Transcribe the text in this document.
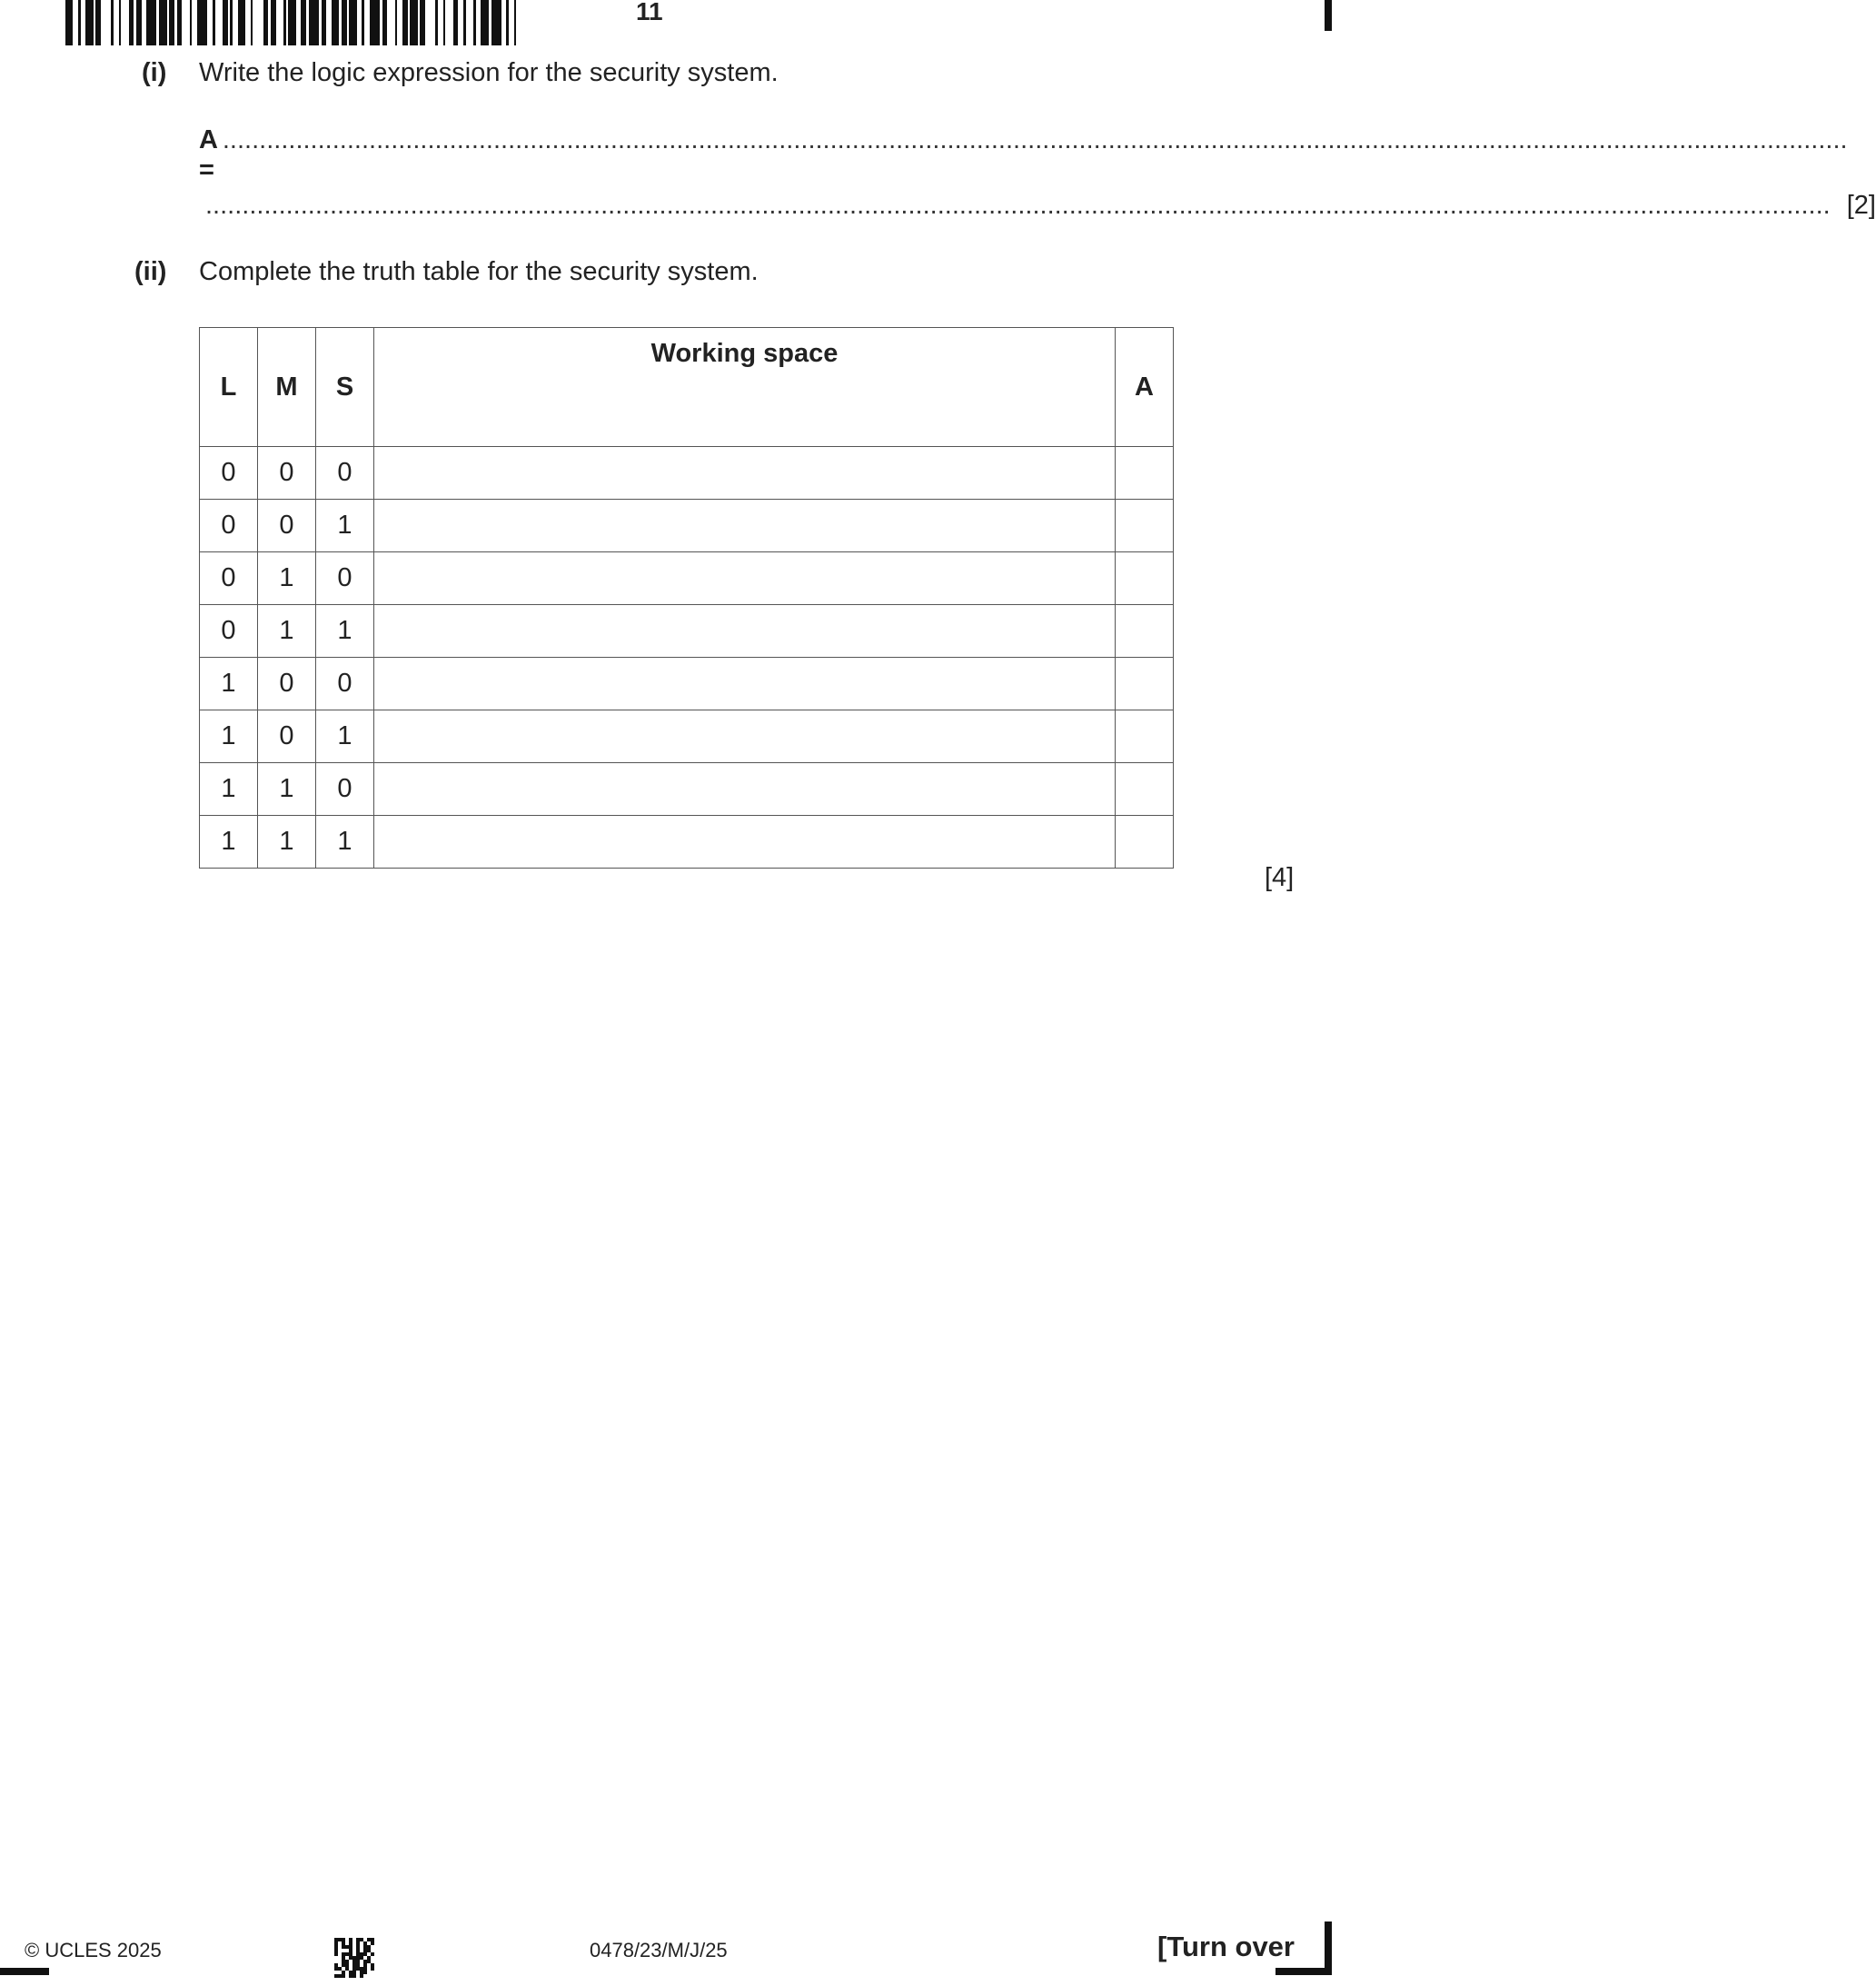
11
(i) Write the logic expression for the security system.
A =
..............................................................................................................................................................................................................................
.............................................................................................................................................................................................................................. [2]
(ii) Complete the truth table for the security system.
L	M	S	Working space	A
0	0	0		
0	0	1		
0	1	0		
0	1	1		
1	0	0		
1	0	1		
1	1	0		
1	1	1		
[4]
© UCLES 2025	0478/23/M/J/25	[Turn over
